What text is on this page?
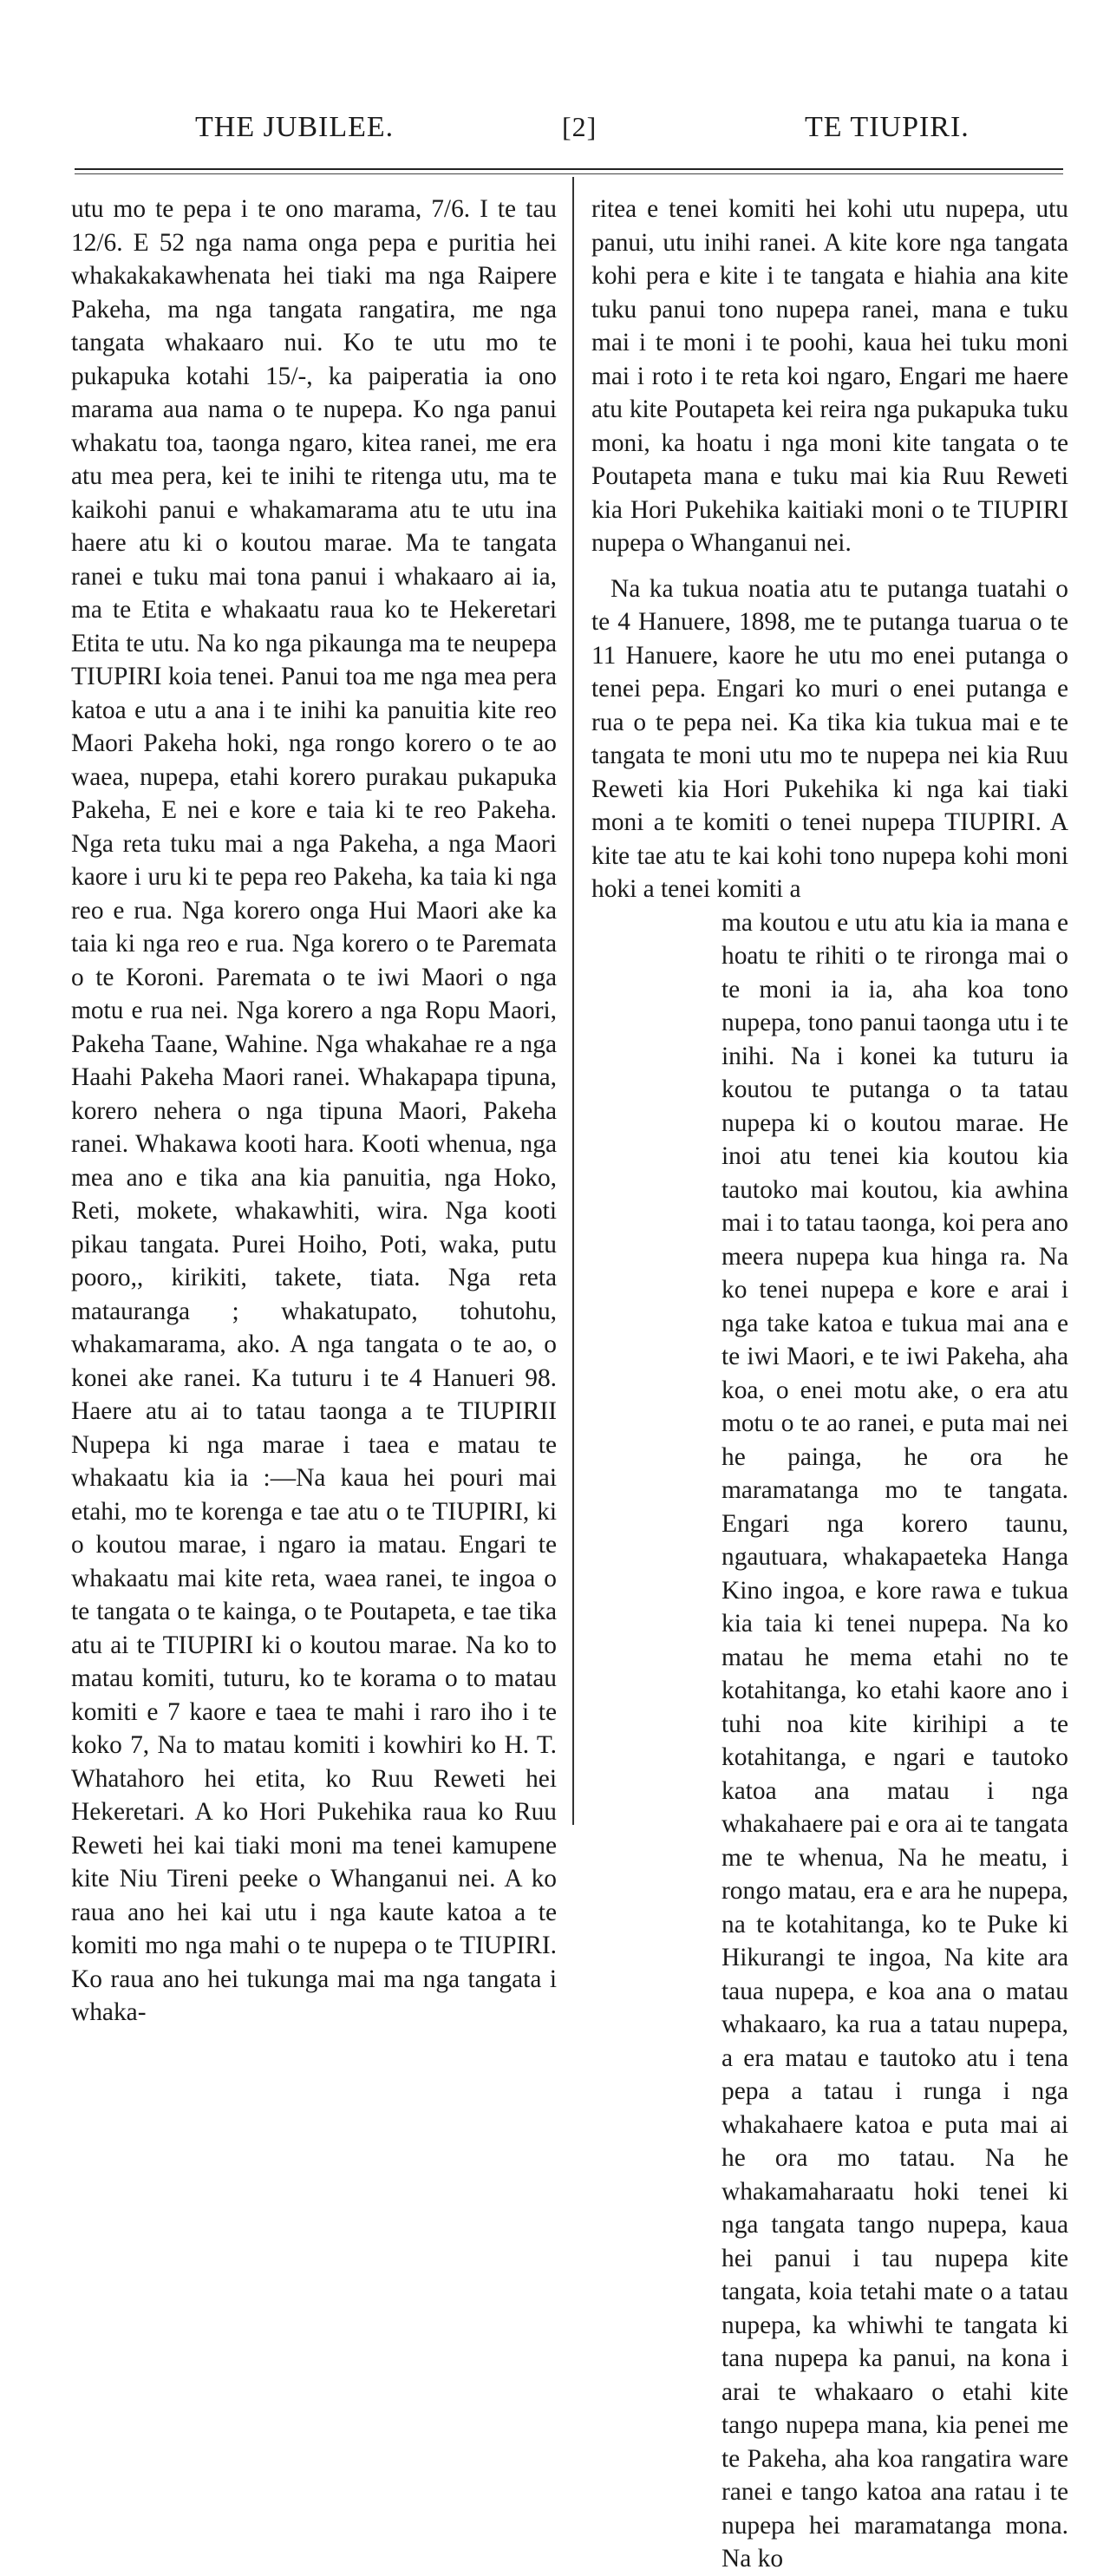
THE JUBILEE.	[2]	TE TIUPIRI.

utu mo te pepa i te ono marama, 7/6. I te tau 12/6. E 52 nga nama onga pepa e puritia hei whakakakawhenata hei tiaki ma nga Raipere Pakeha, ma nga tangata rangatira, me nga tangata whakaaro nui. Ko te utu mo te pukapuka kotahi 15/-, ka paiperatia ia ono marama aua nama o te nupepa. Ko nga panui whakatu toa, taonga ngaro, kitea ranei, me era atu mea pera, kei te inihi te ritenga utu, ma te kaikohi panui e whakamarama atu te utu ina haere atu ki o koutou marae. Ma te tangata ranei e tuku mai tona panui i whakaaro ai ia, ma te Etita e whakaatu raua ko te Hekeretari Etita te utu. Na ko nga pikaunga ma te neupepa TIUPIRI koia tenei. Panui toa me nga mea pera katoa e utu a ana i te inihi ka panuitia kite reo Maori Pakeha hoki, nga rongo korero o te ao waea, nupepa, etahi korero purakau pukapuka Pakeha, E nei e kore e taia ki te reo Pakeha. Nga reta tuku mai a nga Pakeha, a nga Maori kaore i uru ki te pepa reo Pakeha, ka taia ki nga reo e rua. Nga korero onga Hui Maori ake ka taia ki nga reo e rua. Nga korero o te Paremata o te Koroni. Paremata o te iwi Maori o nga motu e rua nei. Nga korero a nga Ropu Maori, Pakeha Taane, Wahine. Nga whakahae re a nga Haahi Pakeha Maori ranei. Whakapapa tipuna, korero nehera o nga tipuna Maori, Pakeha ranei. Whakawa kooti hara. Kooti whenua, nga mea ano e tika ana kia panuitia, nga Hoko, Reti, mokete, whakawhiti, wira. Nga kooti pikau tangata. Purei Hoiho, Poti, waka, putu pooro,, kirikiti, takete, tiata. Nga reta matauranga ; whakatupato, tohutohu, whakamarama, ako. A nga tangata o te ao, o konei ake ranei. Ka tuturu i te 4 Hanueri 98. Haere atu ai to tatau taonga a te TIUPIRII Nupepa ki nga marae i taea e matau te whakaatu kia ia :—Na kaua hei pouri mai etahi, mo te korenga e tae atu o te TIUPIRI, ki o koutou marae, i ngaro ia matau. Engari te whakaatu mai kite reta, waea ranei, te ingoa o te tangata o te kainga, o te Poutapeta, e tae tika atu ai te TIUPIRI ki o koutou marae. Na ko to matau komiti, tuturu, ko te korama o to matau komiti e 7 kaore e taea te mahi i raro iho i te koko 7, Na to matau komiti i kowhiri ko H. T. Whatahoro hei etita, ko Ruu Reweti hei Hekeretari. A ko Hori Pukehika raua ko Ruu Reweti hei kai tiaki moni ma tenei kamupene kite Niu Tireni peeke o Whanganui nei. A ko raua ano hei kai utu i nga kaute katoa a te komiti mo nga mahi o te nupepa o te TIUPIRI. Ko raua ano hei tukunga mai ma nga tangata i whaka-

ritea e tenei komiti hei kohi utu nupepa, utu panui, utu inihi ranei. A kite kore nga tangata kohi pera e kite i te tangata e hiahia ana kite tuku panui tono nupepa ranei, mana e tuku mai i te moni i te poohi, kaua hei tuku moni mai i roto i te reta koi ngaro, Engari me haere atu kite Poutapeta kei reira nga pukapuka tuku moni, ka hoatu i nga moni kite tangata o te Poutapeta mana e tuku mai kia Ruu Reweti kia Hori Pukehika kaitiaki moni o te TIUPIRI nupepa o Whanganui nei.

Na ka tukua noatia atu te putanga tuatahi o te 4 Hanuere, 1898, me te putanga tuarua o te 11 Hanuere, kaore he utu mo enei putanga o tenei pepa. Engari ko muri o enei putanga e rua o te pepa nei. Ka tika kia tukua mai e te tangata te moni utu mo te nupepa nei kia Ruu Reweti kia Hori Pukehika ki nga kai tiaki moni a te komiti o tenei nupepa TIUPIRI. A kite tae atu te kai kohi tono nupepa kohi moni hoki a tenei komiti a

ma koutou e utu atu kia ia mana e hoatu te rihiti o te rironga mai o te moni ia ia, aha koa tono nupepa, tono panui taonga utu i te inihi. Na i konei ka tuturu ia koutou te putanga o ta tatau nupepa ki o koutou marae. He inoi atu tenei kia koutou kia tautoko mai koutou, kia awhina mai i to tatau taonga, koi pera ano meera nupepa kua hinga ra. Na ko tenei nupepa e kore e arai i nga take katoa e tukua mai ana e te iwi Maori, e te iwi Pakeha, aha koa, o enei motu ake, o era atu motu o te ao ranei, e puta mai nei he painga, he ora he maramatanga mo te tangata. Engari nga korero taunu, ngautuara, whakapaeteka Hanga Kino ingoa, e kore rawa e tukua kia taia ki tenei nupepa. Na ko matau he mema etahi no te kotahitanga, ko etahi kaore ano i tuhi noa kite kirihipi a te kotahitanga, e ngari e tautoko katoa ana matau i nga whakahaere pai e ora ai te tangata me te whenua, Na he meatu, i rongo matau, era e ara he nupepa, na te kotahitanga, ko te Puke ki Hikurangi te ingoa, Na kite ara taua nupepa, e koa ana o matau whakaaro, ka rua a tatau nupepa, a era matau e tautoko atu i tena pepa a tatau i runga i nga whakahaere katoa e puta mai ai he ora mo tatau. Na he whakamaharaatu hoki tenei ki nga tangata tango nupepa, kaua hei panui i tau nupepa kite tangata, koia tetahi mate o a tatau nupepa, ka whiwhi te tangata ki tana nupepa ka panui, na kona i arai te whakaaro o etahi kite tango nupepa mana, kia penei me te Pakeha, aha koa rangatira ware ranei e tango katoa ana ratau i te nupepa hei maramatanga mona. Na ko
